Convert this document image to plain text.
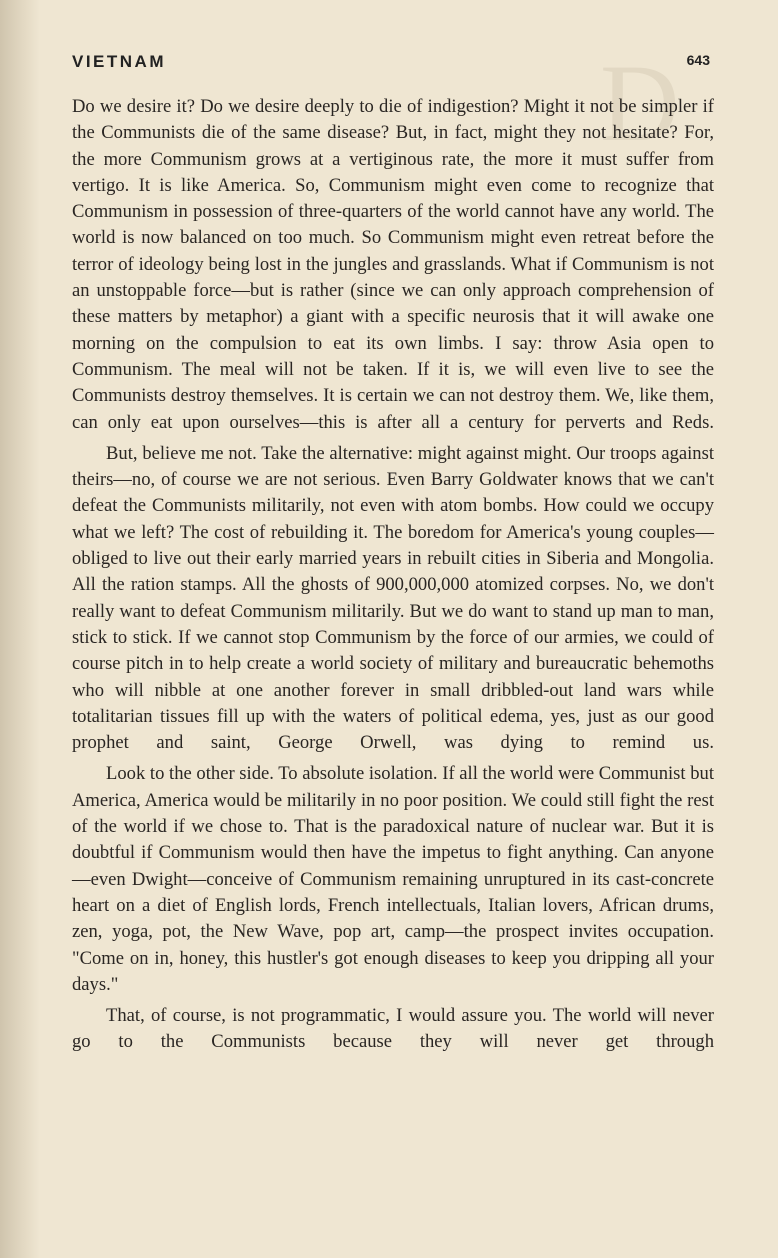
D
VIETNAM	643

Do we desire it? Do we desire deeply to die of indigestion? Might it not be simpler if the Communists die of the same disease? But, in fact, might they not hesitate? For, the more Communism grows at a vertiginous rate, the more it must suffer from vertigo. It is like America. So, Communism might even come to recognize that Communism in possession of three-quarters of the world cannot have any world. The world is now balanced on too much. So Communism might even retreat before the terror of ideology being lost in the jungles and grasslands. What if Communism is not an unstoppable force—but is rather (since we can only approach comprehension of these matters by metaphor) a giant with a specific neurosis that it will awake one morning on the compulsion to eat its own limbs. I say: throw Asia open to Communism. The meal will not be taken. If it is, we will even live to see the Communists destroy themselves. It is certain we can not destroy them. We, like them, can only eat upon ourselves—this is after all a century for perverts and Reds.

But, believe me not. Take the alternative: might against might. Our troops against theirs—no, of course we are not serious. Even Barry Goldwater knows that we can't defeat the Communists militarily, not even with atom bombs. How could we occupy what we left? The cost of rebuilding it. The boredom for America's young couples—obliged to live out their early married years in rebuilt cities in Siberia and Mongolia. All the ration stamps. All the ghosts of 900,000,000 atomized corpses. No, we don't really want to defeat Communism militarily. But we do want to stand up man to man, stick to stick. If we cannot stop Communism by the force of our armies, we could of course pitch in to help create a world society of military and bureaucratic behemoths who will nibble at one another forever in small dribbled-out land wars while totalitarian tissues fill up with the waters of political edema, yes, just as our good prophet and saint, George Orwell, was dying to remind us.

Look to the other side. To absolute isolation. If all the world were Communist but America, America would be militarily in no poor position. We could still fight the rest of the world if we chose to. That is the paradoxical nature of nuclear war. But it is doubtful if Communism would then have the impetus to fight anything. Can anyone—even Dwight—conceive of Communism remaining unruptured in its cast-concrete heart on a diet of English lords, French intellectuals, Italian lovers, African drums, zen, yoga, pot, the New Wave, pop art, camp—the prospect invites occupation. "Come on in, honey, this hustler's got enough diseases to keep you dripping all your days."

That, of course, is not programmatic, I would assure you. The world will never go to the Communists because they will never get through
